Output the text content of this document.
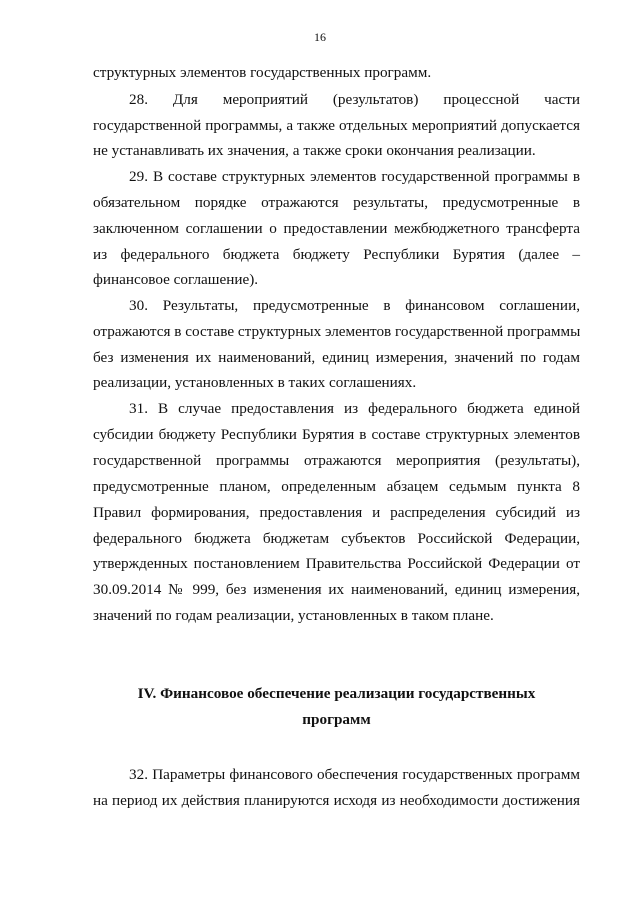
16
структурных элементов государственных программ.
28. Для мероприятий (результатов) процессной части
государственной программы, а также отдельных мероприятий допускается
не устанавливать их значения, а также сроки окончания реализации.
29. В составе структурных элементов государственной программы в
обязательном порядке отражаются результаты, предусмотренные в
заключенном соглашении о предоставлении межбюджетного трансферта
из федерального бюджета бюджету Республики Бурятия (далее –
финансовое соглашение).
30. Результаты, предусмотренные в финансовом соглашении,
отражаются в составе структурных элементов государственной программы
без изменения их наименований, единиц измерения, значений по годам
реализации, установленных в таких соглашениях.
31. В случае предоставления из федерального бюджета единой
субсидии бюджету Республики Бурятия в составе структурных элементов
государственной программы отражаются мероприятия (результаты),
предусмотренные планом, определенным абзацем седьмым пункта 8
Правил формирования, предоставления и распределения субсидий из
федерального бюджета бюджетам субъектов Российской Федерации,
утвержденных постановлением Правительства Российской Федерации от
30.09.2014 № 999, без изменения их наименований, единиц измерения,
значений по годам реализации, установленных в таком плане.
IV. Финансовое обеспечение реализации государственных
программ
32. Параметры финансового обеспечения государственных программ
на период их действия планируются исходя из необходимости достижения
